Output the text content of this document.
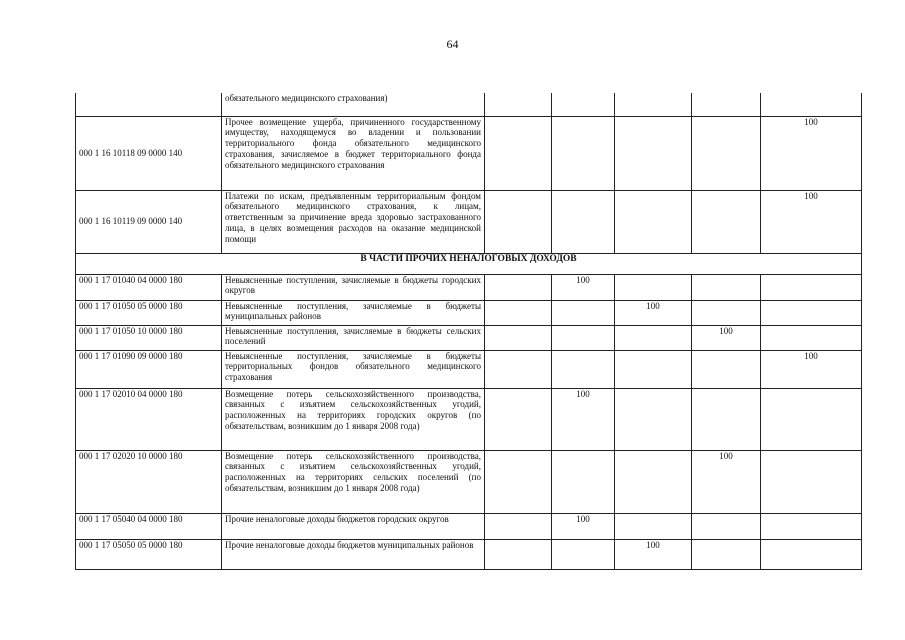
64
	обязательного медицинского страхования)					
000 1 16 10118 09 0000 140	Прочее возмещение ущерба, причиненного государственному имуществу, находящемуся во владении и пользовании территориального фонда обязательного медицинского страхования, зачисляемое в бюджет территориального фонда обязательного медицинского страхования					100
000 1 16 10119 09 0000 140	Платежи по искам, предъявленным территориальным фондом обязательного медицинского страхования, к лицам, ответственным за причинение вреда здоровью застрахованного лица, в целях возмещения расходов на оказание медицинской помощи					100
В ЧАСТИ ПРОЧИХ НЕНАЛОГОВЫХ ДОХОДОВ						
000 1 17 01040 04 0000 180	Невыясненные поступления, зачисляемые в бюджеты городских округов		100			
000 1 17 01050 05 0000 180	Невыясненные поступления, зачисляемые в бюджеты муниципальных районов			100		
000 1 17 01050 10 0000 180	Невыясненные поступления, зачисляемые в бюджеты сельских поселений				100	
000 1 17 01090 09 0000 180	Невыясненные поступления, зачисляемые в бюджеты территориальных фондов обязательного медицинского страхования					100
000 1 17 02010 04 0000 180	Возмещение потерь сельскохозяйственного производства, связанных с изъятием сельскохозяйственных угодий, расположенных на территориях городских округов (по обязательствам, возникшим до 1 января 2008 года)		100			
000 1 17 02020 10 0000 180	Возмещение потерь сельскохозяйственного производства, связанных с изъятием сельскохозяйственных угодий, расположенных на территориях сельских поселений (по обязательствам, возникшим до 1 января 2008 года)				100	
000 1 17 05040 04 0000 180	Прочие неналоговые доходы бюджетов городских округов		100			
000 1 17 05050 05 0000 180	Прочие неналоговые доходы бюджетов муниципальных районов			100		
